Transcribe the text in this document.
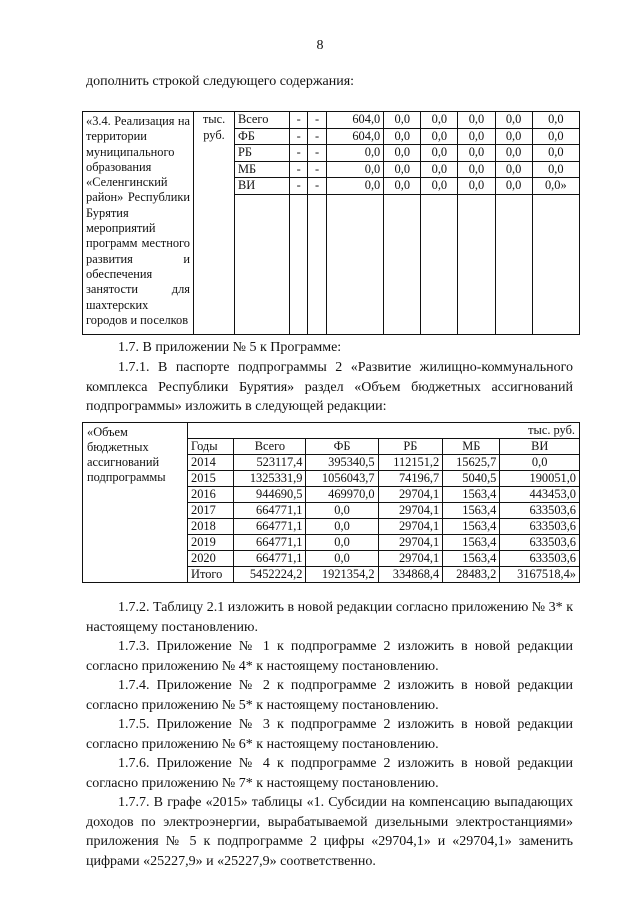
8
дополнить строкой следующего содержания:
«3.4. Реализация на территории муниципального образования «Селенгинский район» Республики Бурятия мероприятий программ местного развития и обеспечения занятости для шахтерских городов и поселков	тыс. руб.	Всего	-	-	604,0	0,0	0,0	0,0	0,0	0,0
		ФБ	-	-	604,0	0,0	0,0	0,0	0,0	0,0
		РБ	-	-	0,0	0,0	0,0	0,0	0,0	0,0
		МБ	-	-	0,0	0,0	0,0	0,0	0,0	0,0
		ВИ	-	-	0,0	0,0	0,0	0,0	0,0	0,0»

1.7. В приложении № 5 к Программе:
1.7.1. В паспорте подпрограммы 2 «Развитие жилищно-коммунального комплекса Республики Бурятия» раздел «Объем бюджетных ассигнований подпрограммы» изложить в следующей редакции:
«Объем бюджетных ассигнований подпрограммы	тыс. руб.					
	Годы	Всего	ФБ	РБ	МБ	ВИ
	2014	523117,4	395340,5	112151,2	15625,7	0,0
	2015	1325331,9	1056043,7	74196,7	5040,5	190051,0
	2016	944690,5	469970,0	29704,1	1563,4	443453,0
	2017	664771,1	0,0	29704,1	1563,4	633503,6
	2018	664771,1	0,0	29704,1	1563,4	633503,6
	2019	664771,1	0,0	29704,1	1563,4	633503,6
	2020	664771,1	0,0	29704,1	1563,4	633503,6
	Итого	5452224,2	1921354,2	334868,4	28483,2	3167518,4»
1.7.2. Таблицу 2.1 изложить в новой редакции согласно приложению № 3* к настоящему постановлению.
1.7.3. Приложение № 1 к подпрограмме 2 изложить в новой редакции согласно приложению № 4* к настоящему постановлению.
1.7.4. Приложение № 2 к подпрограмме 2 изложить в новой редакции согласно приложению № 5* к настоящему постановлению.
1.7.5. Приложение № 3 к подпрограмме 2 изложить в новой редакции согласно приложению № 6* к настоящему постановлению.
1.7.6. Приложение № 4 к подпрограмме 2 изложить в новой редакции согласно приложению № 7* к настоящему постановлению.
1.7.7. В графе «2015» таблицы «1. Субсидии на компенсацию выпадающих доходов по электроэнергии, вырабатываемой дизельными электростанциями» приложения № 5 к подпрограмме 2 цифры «29704,1» и «29704,1» заменить цифрами «25227,9» и «25227,9» соответственно.
